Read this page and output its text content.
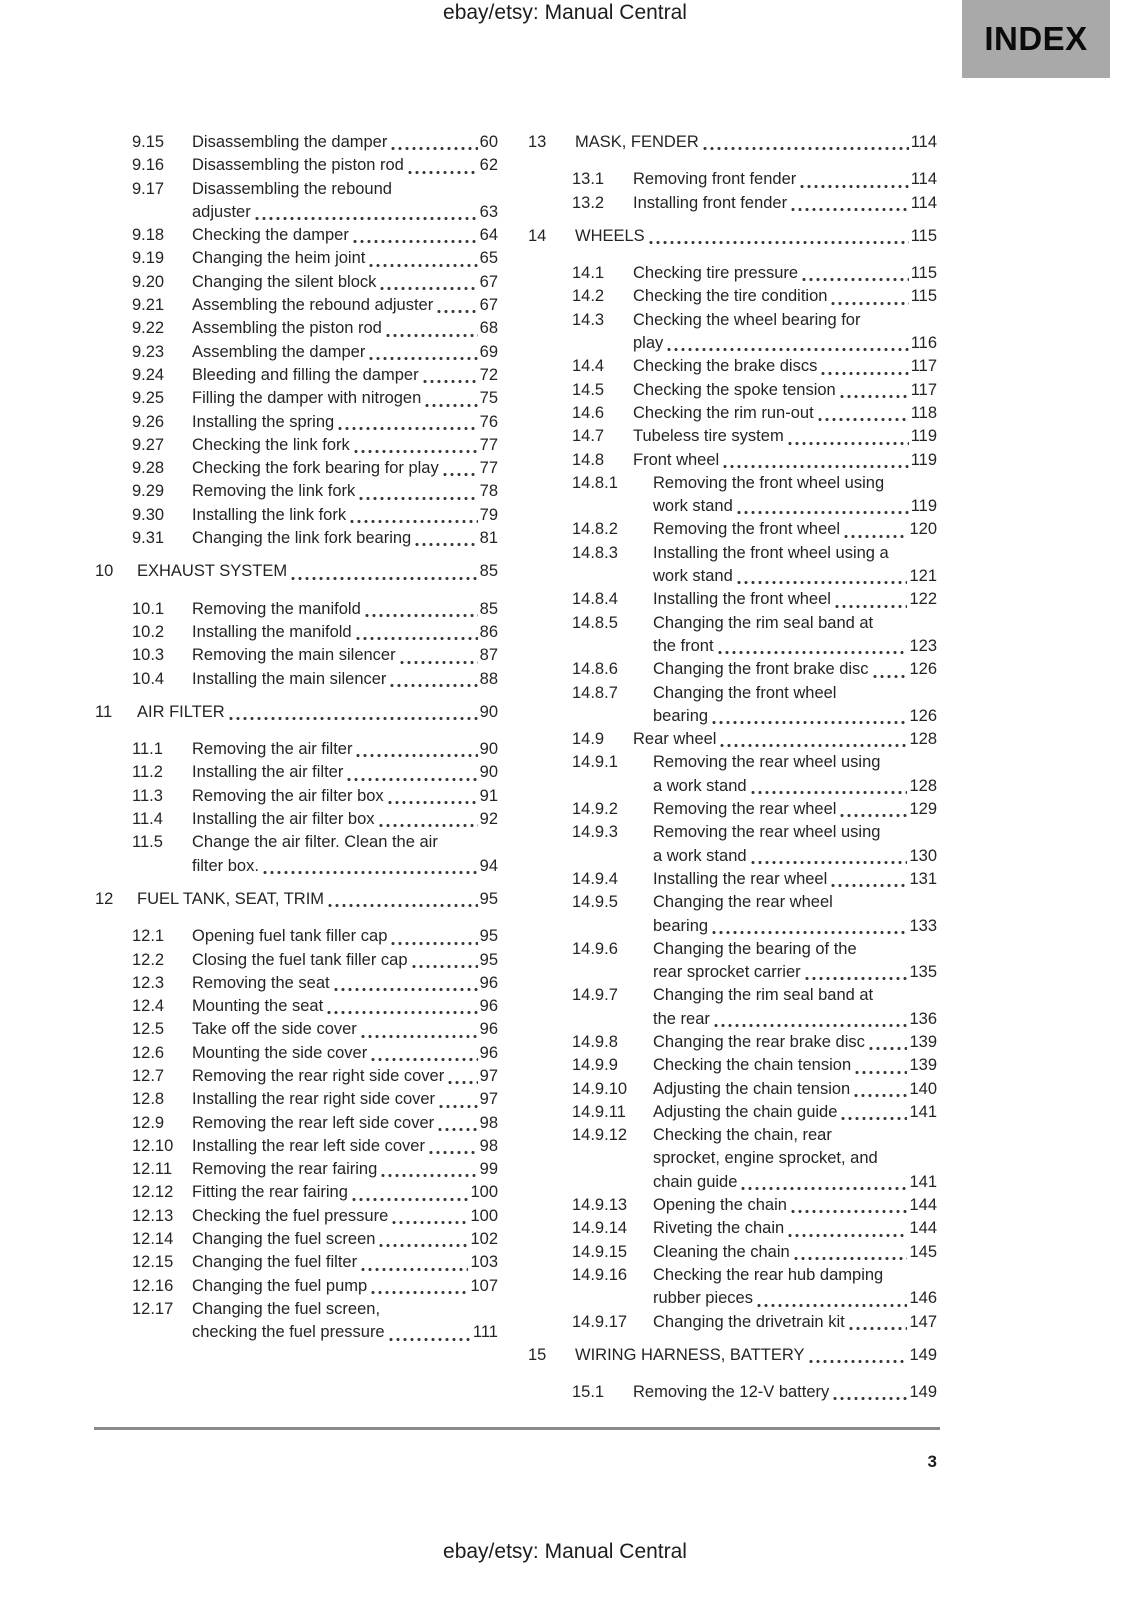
ebay/etsy: Manual Central
INDEX
9.15	Disassembling the damper	60
9.16	Disassembling the piston rod	62
9.17	Disassembling the rebound
adjuster	63
9.18	Checking the damper	64
9.19	Changing the heim joint	65
9.20	Changing the silent block	67
9.21	Assembling the rebound adjuster	67
9.22	Assembling the piston rod	68
9.23	Assembling the damper	69
9.24	Bleeding and filling the damper	72
9.25	Filling the damper with nitrogen	75
9.26	Installing the spring	76
9.27	Checking the link fork	77
9.28	Checking the fork bearing for play 77
9.29	Removing the link fork	78
9.30	Installing the link fork	79
9.31	Changing the link fork bearing	81
10	EXHAUST SYSTEM	85
10.1	Removing the manifold	85
10.2	Installing the manifold	86
10.3	Removing the main silencer	87
10.4	Installing the main silencer	88
11	AIR FILTER	90
11.1	Removing the air filter	90
11.2	Installing the air filter	90
11.3	Removing the air filter box	91
11.4	Installing the air filter box	92
11.5	Change the air filter. Clean the air
filter box.	94
12	FUEL TANK, SEAT, TRIM	95
12.1	Opening fuel tank filler cap	95
12.2	Closing the fuel tank filler cap	95
12.3	Removing the seat	96
12.4	Mounting the seat	96
12.5	Take off the side cover	96
12.6	Mounting the side cover	96
12.7	Removing the rear right side cover 97
12.8	Installing the rear right side cover	97
12.9	Removing the rear left side cover	98
12.10	Installing the rear left side cover	98
12.11	Removing the rear fairing	99
12.12	Fitting the rear fairing	100
12.13	Checking the fuel pressure	100
12.14	Changing the fuel screen	102
12.15	Changing the fuel filter	103
12.16	Changing the fuel pump	107
12.17	Changing the fuel screen,
checking the fuel pressure	111
13	MASK, FENDER	114
13.1	Removing front fender	114
13.2	Installing front fender	114
14	WHEELS	115
14.1	Checking tire pressure	115
14.2	Checking the tire condition	115
14.3	Checking the wheel bearing for
play	116
14.4	Checking the brake discs	117
14.5	Checking the spoke tension	117
14.6	Checking the rim run-out	118
14.7	Tubeless tire system	119
14.8	Front wheel	119
14.8.1	Removing the front wheel using
work stand	119
14.8.2	Removing the front wheel	120
14.8.3	Installing the front wheel using a
work stand	121
14.8.4	Installing the front wheel	122
14.8.5	Changing the rim seal band at
the front	123
14.8.6	Changing the front brake disc 126
14.8.7	Changing the front wheel
bearing	126
14.9	Rear wheel	128
14.9.1	Removing the rear wheel using
a work stand	128
14.9.2	Removing the rear wheel	129
14.9.3	Removing the rear wheel using
a work stand	130
14.9.4	Installing the rear wheel	131
14.9.5	Changing the rear wheel
bearing	133
14.9.6	Changing the bearing of the
rear sprocket carrier	135
14.9.7	Changing the rim seal band at
the rear	136
14.9.8	Changing the rear brake disc	139
14.9.9	Checking the chain tension	139
14.9.10	Adjusting the chain tension	140
14.9.11	Adjusting the chain guide	141
14.9.12	Checking the chain, rear
sprocket, engine sprocket, and
chain guide	141
14.9.13	Opening the chain	144
14.9.14	Riveting the chain	144
14.9.15	Cleaning the chain	145
14.9.16	Checking the rear hub damping
rubber pieces	146
14.9.17	Changing the drivetrain kit	147
15	WIRING HARNESS, BATTERY	149
15.1	Removing the 12-V battery	149
3
ebay/etsy: Manual Central
